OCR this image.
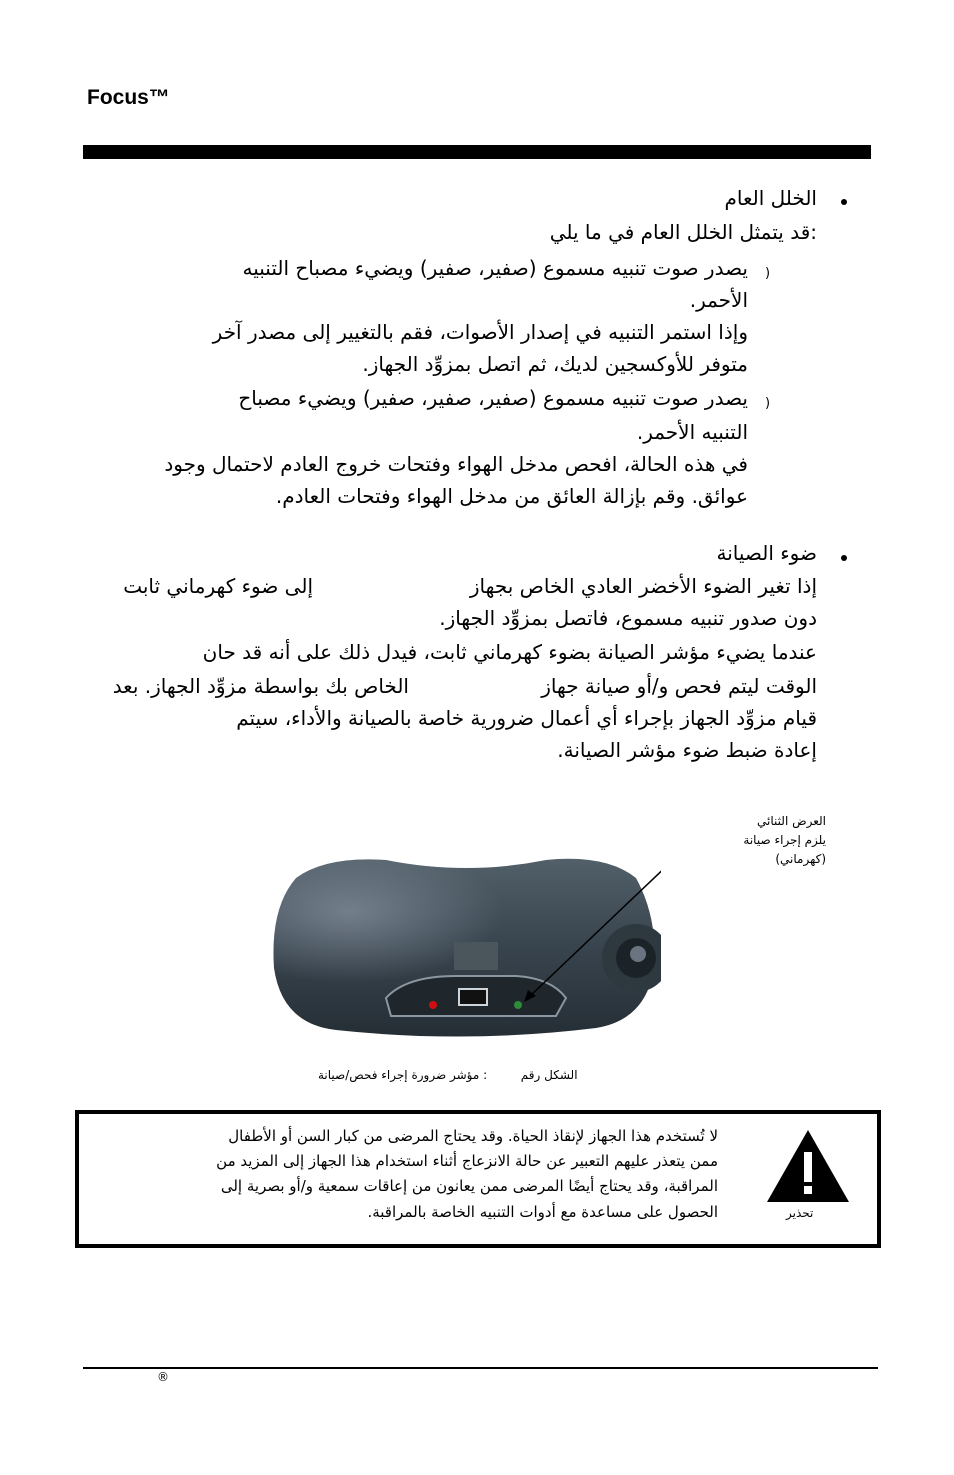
Focus™
الخلل العام
:قد يتمثل الخلل العام في ما يلي
)
يصدر صوت تنبيه مسموع (صفير، صفير) ويضيء مصباح التنبيه
الأحمر.
وإذا استمر التنبيه في إصدار الأصوات، فقم بالتغيير إلى مصدر آخر
متوفر للأوكسجين لديك، ثم اتصل بمزوِّد الجهاز.
)
يصدر صوت تنبيه مسموع (صفير، صفير، صفير) ويضيء مصباح
التنبيه الأحمر.
في هذه الحالة، افحص مدخل الهواء وفتحات خروج العادم لاحتمال وجود
عوائق. وقم بإزالة العائق من مدخل الهواء وفتحات العادم.
ضوء الصيانة
إذا تغير الضوء الأخضر العادي الخاص بجهاز
إلى ضوء كهرماني ثابت
دون صدور تنبيه مسموع، فاتصل بمزوِّد الجهاز.
عندما يضيء مؤشر الصيانة بضوء كهرماني ثابت، فيدل ذلك على أنه قد حان
الوقت ليتم فحص و/أو صيانة جهاز
الخاص بك بواسطة مزوِّد الجهاز. بعد
قيام مزوِّد الجهاز بإجراء أي أعمال ضرورية خاصة بالصيانة والأداء، سيتم
إعادة ضبط ضوء مؤشر الصيانة.
العرض الثنائي
يلزم إجراء صيانة
(كهرماني)
الشكل رقم  : مؤشر ضرورة إجراء فحص/صيانة
لا تُستخدم هذا الجهاز لإنقاذ الحياة. وقد يحتاج المرضى من كبار السن أو الأطفال
ممن يتعذر عليهم التعبير عن حالة الانزعاج أثناء استخدام هذا الجهاز إلى المزيد من
المراقبة، وقد يحتاج أيضًا المرضى ممن يعانون من إعاقات سمعية و/أو بصرية إلى
الحصول على مساعدة مع أدوات التنبيه الخاصة بالمراقبة.	تحذير
®
